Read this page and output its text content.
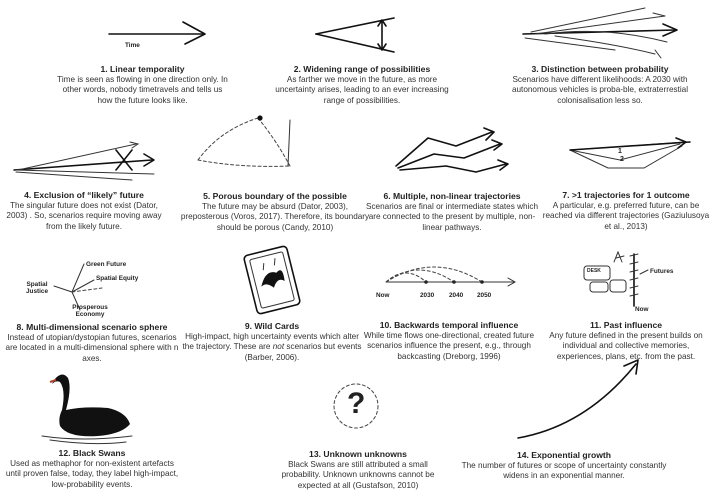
Time
1. Linear temporality
Time is seen as flowing in one direction only. In other words, nobody timetravels and tells us how the future looks like.
2. Widening range of possibilities
As farther we move in the future, as more uncertainty arises, leading to an ever increasing range of possibilities.
3. Distinction between probability
Scenarios have different likelihoods: A 2030 with autonomous vehicles is proba-ble, extraterrestial colonisalisation less so.
4. Exclusion of “likely” future
The singular future does not exist (Dator, 2003) . So, scenarios require moving away from the likely future.
5. Porous boundary of the possible
The future may be absurd (Dator, 2003), preposterous (Voros, 2017). Therefore, its boundary should be porous (Candy, 2010)
6. Multiple, non-linear trajectories
Scenarios are final or intermediate states which are connected to the present by multiple, non-linear pathways.
1
2
7. >1 trajectories for 1 outcome
A particular, e.g. preferred future, can be reached via different trajectories (Gaziulusoya et al., 2013)
Green Future
Spatial Justice
Spatial Equity
Prosperous Economy
8. Multi-dimensional scenario sphere
Instead of utopian/dystopian futures, scenarios are located in a multi-dimensional sphere with n axes.
9. Wild Cards
High-impact, high uncertainty events which alter the trajectory. These are not scenarios but events (Barber, 2006).
Now	2030 2040 2050
10. Backwards temporal influence
While time flows one-directional, created future scenarios influence the present, e.g., through backcasting (Dreborg, 1996)
DESK	Futures
Now
11. Past influence
Any future defined in the present builds on individual and collective memories, experiences, plans, etc. from the past.
12. Black Swans
Used as methaphor for non-existent artefacts until proven false, today, they label high-impact, low-probability events.
?
13. Unknown unknowns
Black Swans are still attributed a small probability. Unknown unknowns cannot be expected at all (Gustafson, 2010)
14. Exponential growth
The number of futures or scope of uncertainty constantly widens in an exponential manner.
